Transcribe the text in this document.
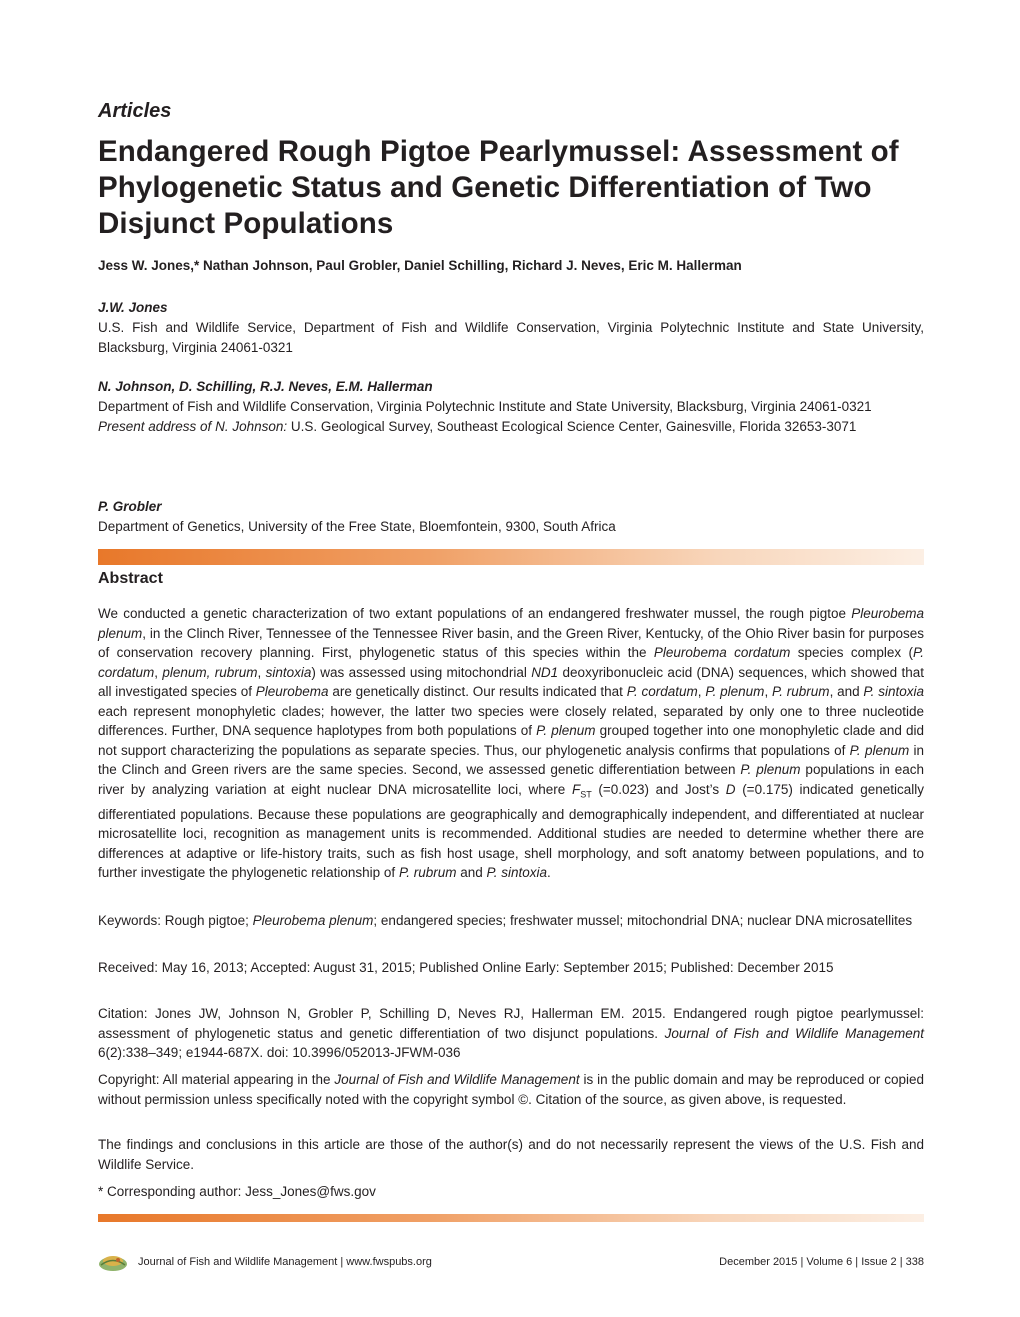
Articles
Endangered Rough Pigtoe Pearlymussel: Assessment of Phylogenetic Status and Genetic Differentiation of Two Disjunct Populations
Jess W. Jones,* Nathan Johnson, Paul Grobler, Daniel Schilling, Richard J. Neves, Eric M. Hallerman
J.W. Jones
U.S. Fish and Wildlife Service, Department of Fish and Wildlife Conservation, Virginia Polytechnic Institute and State University, Blacksburg, Virginia 24061-0321
N. Johnson, D. Schilling, R.J. Neves, E.M. Hallerman
Department of Fish and Wildlife Conservation, Virginia Polytechnic Institute and State University, Blacksburg, Virginia 24061-0321
Present address of N. Johnson: U.S. Geological Survey, Southeast Ecological Science Center, Gainesville, Florida 32653-3071
P. Grobler
Department of Genetics, University of the Free State, Bloemfontein, 9300, South Africa
Abstract
We conducted a genetic characterization of two extant populations of an endangered freshwater mussel, the rough pigtoe Pleurobema plenum, in the Clinch River, Tennessee of the Tennessee River basin, and the Green River, Kentucky, of the Ohio River basin for purposes of conservation recovery planning. First, phylogenetic status of this species within the Pleurobema cordatum species complex (P. cordatum, plenum, rubrum, sintoxia) was assessed using mitochondrial ND1 deoxyribonucleic acid (DNA) sequences, which showed that all investigated species of Pleurobema are genetically distinct. Our results indicated that P. cordatum, P. plenum, P. rubrum, and P. sintoxia each represent monophyletic clades; however, the latter two species were closely related, separated by only one to three nucleotide differences. Further, DNA sequence haplotypes from both populations of P. plenum grouped together into one monophyletic clade and did not support characterizing the populations as separate species. Thus, our phylogenetic analysis confirms that populations of P. plenum in the Clinch and Green rivers are the same species. Second, we assessed genetic differentiation between P. plenum populations in each river by analyzing variation at eight nuclear DNA microsatellite loci, where $F_{ST}$ (=0.023) and Jost’s D (=0.175) indicated genetically differentiated populations. Because these populations are geographically and demographically independent, and differentiated at nuclear microsatellite loci, recognition as management units is recommended. Additional studies are needed to determine whether there are differences at adaptive or life-history traits, such as fish host usage, shell morphology, and soft anatomy between populations, and to further investigate the phylogenetic relationship of P. rubrum and P. sintoxia.
Keywords: Rough pigtoe; Pleurobema plenum; endangered species; freshwater mussel; mitochondrial DNA; nuclear DNA microsatellites
Received: May 16, 2013; Accepted: August 31, 2015; Published Online Early: September 2015; Published: December 2015
Citation: Jones JW, Johnson N, Grobler P, Schilling D, Neves RJ, Hallerman EM. 2015. Endangered rough pigtoe pearlymussel: assessment of phylogenetic status and genetic differentiation of two disjunct populations. Journal of Fish and Wildlife Management 6(2):338–349; e1944-687X. doi: 10.3996/052013-JFWM-036
Copyright: All material appearing in the Journal of Fish and Wildlife Management is in the public domain and may be reproduced or copied without permission unless specifically noted with the copyright symbol ©. Citation of the source, as given above, is requested.
The findings and conclusions in this article are those of the author(s) and do not necessarily represent the views of the U.S. Fish and Wildlife Service.
* Corresponding author: Jess_Jones@fws.gov
Journal of Fish and Wildlife Management | www.fwspubs.org	December 2015 | Volume 6 | Issue 2 | 338
